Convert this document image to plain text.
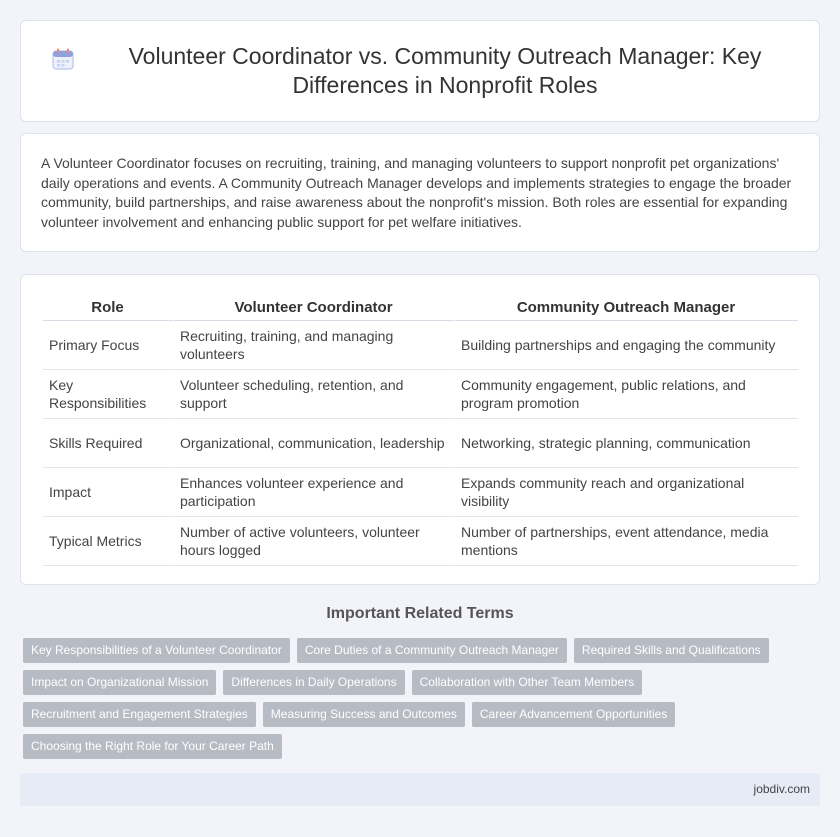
Volunteer Coordinator vs. Community Outreach Manager: Key Differences in Nonprofit Roles

A Volunteer Coordinator focuses on recruiting, training, and managing volunteers to support nonprofit pet organizations' daily operations and events. A Community Outreach Manager develops and implements strategies to engage the broader community, build partnerships, and raise awareness about the nonprofit's mission. Both roles are essential for expanding volunteer involvement and enhancing public support for pet welfare initiatives.

Role	Volunteer Coordinator	Community Outreach Manager
Primary Focus	Recruiting, training, and managing volunteers	Building partnerships and engaging the community
Key Responsibilities	Volunteer scheduling, retention, and support	Community engagement, public relations, and program promotion
Skills Required	Organizational, communication, leadership	Networking, strategic planning, communication
Impact	Enhances volunteer experience and participation	Expands community reach and organizational visibility
Typical Metrics	Number of active volunteers, volunteer hours logged	Number of partnerships, event attendance, media mentions
Important Related Terms
Key Responsibilities of a Volunteer Coordinator	Core Duties of a Community Outreach Manager	Required Skills and Qualifications
Impact on Organizational Mission	Differences in Daily Operations	Collaboration with Other Team Members
Recruitment and Engagement Strategies	Measuring Success and Outcomes	Career Advancement Opportunities
Choosing the Right Role for Your Career Path
jobdiv.com
